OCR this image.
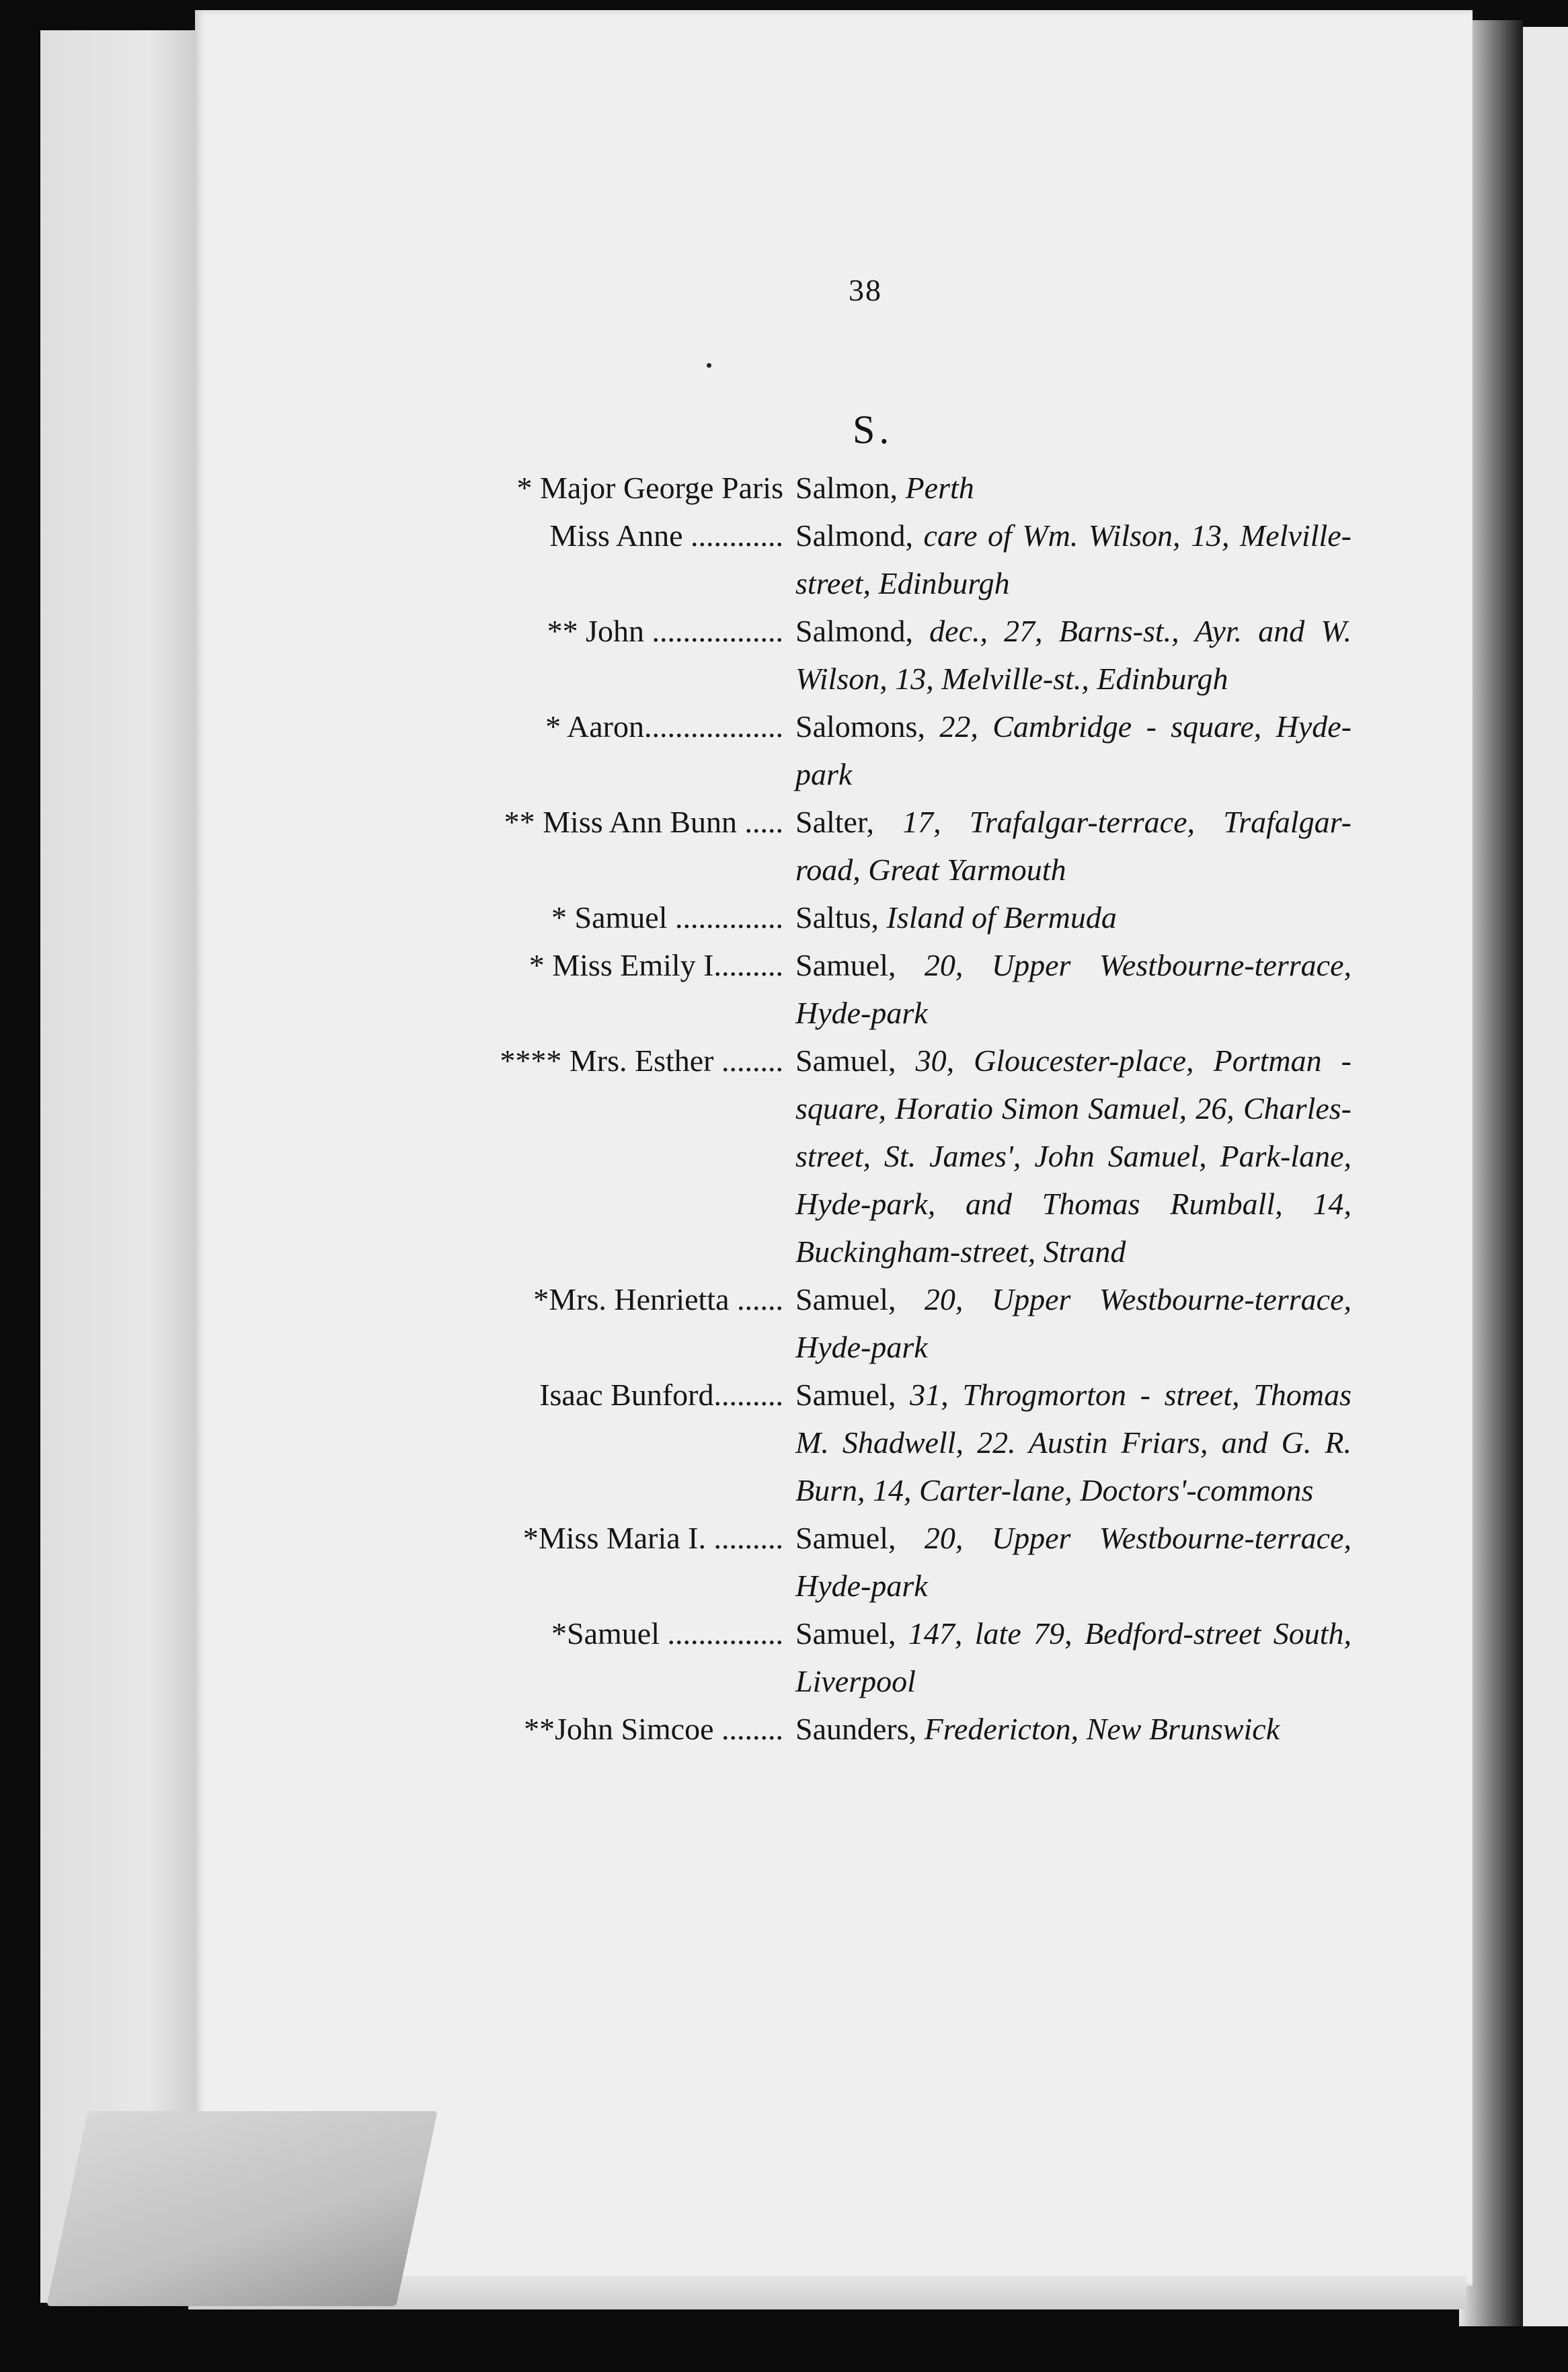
38
S.
* Major George Paris Salmon, Perth
Miss Anne ............ Salmond, care of Wm. Wilson, 13, Melville-street, Edinburgh
** John ................. Salmond, dec., 27, Barns-st., Ayr. and W. Wilson, 13, Melville-st., Edinburgh
* Aaron.................. Salomons, 22, Cambridge - square, Hyde-park
** Miss Ann Bunn ..... Salter, 17, Trafalgar-terrace, Trafalgar-road, Great Yarmouth
* Samuel .............. Saltus, Island of Bermuda
* Miss Emily I......... Samuel, 20, Upper Westbourne-terrace, Hyde-park
**** Mrs. Esther ........ Samuel, 30, Gloucester-place, Portman - square, Horatio Simon Samuel, 26, Charles-street, St. James', John Samuel, Park-lane, Hyde-park, and Thomas Rumball, 14, Buckingham-street, Strand
*Mrs. Henrietta ...... Samuel, 20, Upper Westbourne-terrace, Hyde-park
Isaac Bunford......... Samuel, 31, Throgmorton - street, Thomas M. Shadwell, 22. Austin Friars, and G. R. Burn, 14, Carter-lane, Doctors'-commons
*Miss Maria I. ......... Samuel, 20, Upper Westbourne-terrace, Hyde-park
*Samuel ............... Samuel, 147, late 79, Bedford-street South, Liverpool
**John Simcoe ........ Saunders, Fredericton, New Brunswick
